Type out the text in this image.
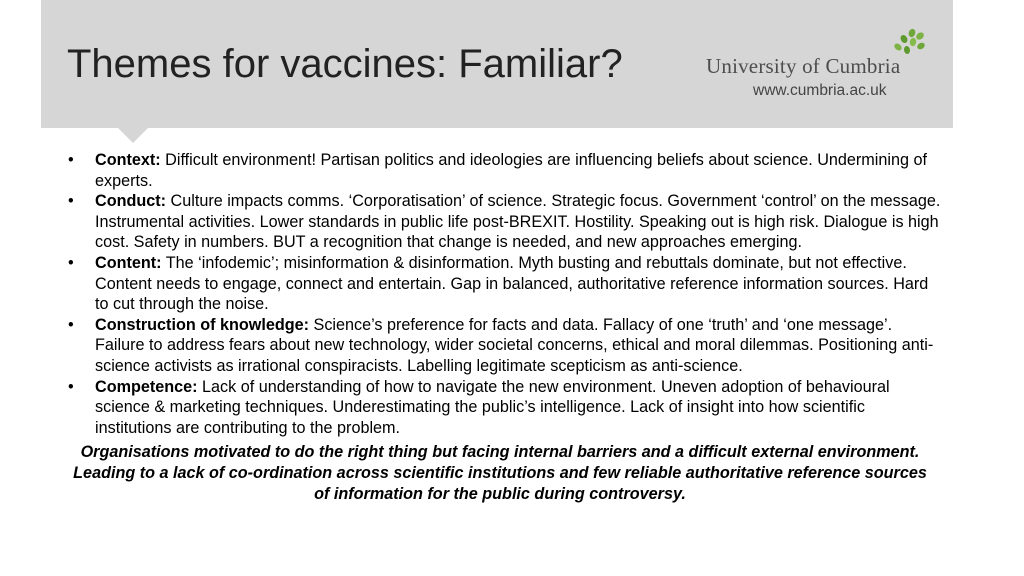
Themes for vaccines: Familiar?	University of Cumbria
www.cumbria.ac.uk
• Context: Difficult environment! Partisan politics and ideologies are influencing beliefs about science. Undermining of experts.
• Conduct: Culture impacts comms. ‘Corporatisation’ of science. Strategic focus. Government ‘control’ on the message. Instrumental activities. Lower standards in public life post-BREXIT. Hostility. Speaking out is high risk. Dialogue is high cost. Safety in numbers. BUT a recognition that change is needed, and new approaches emerging.
• Content: The ‘infodemic’; misinformation & disinformation. Myth busting and rebuttals dominate, but not effective. Content needs to engage, connect and entertain. Gap in balanced, authoritative reference information sources. Hard to cut through the noise.
• Construction of knowledge: Science’s preference for facts and data. Fallacy of one ‘truth’ and ‘one message’. Failure to address fears about new technology, wider societal concerns, ethical and moral dilemmas. Positioning anti-science activists as irrational conspiracists. Labelling legitimate scepticism as anti-science.
• Competence: Lack of understanding of how to navigate the new environment. Uneven adoption of behavioural science & marketing techniques. Underestimating the public’s intelligence. Lack of insight into how scientific institutions are contributing to the problem.

Organisations motivated to do the right thing but facing internal barriers and a difficult external environment. Leading to a lack of co-ordination across scientific institutions and few reliable authoritative reference sources of information for the public during controversy.
